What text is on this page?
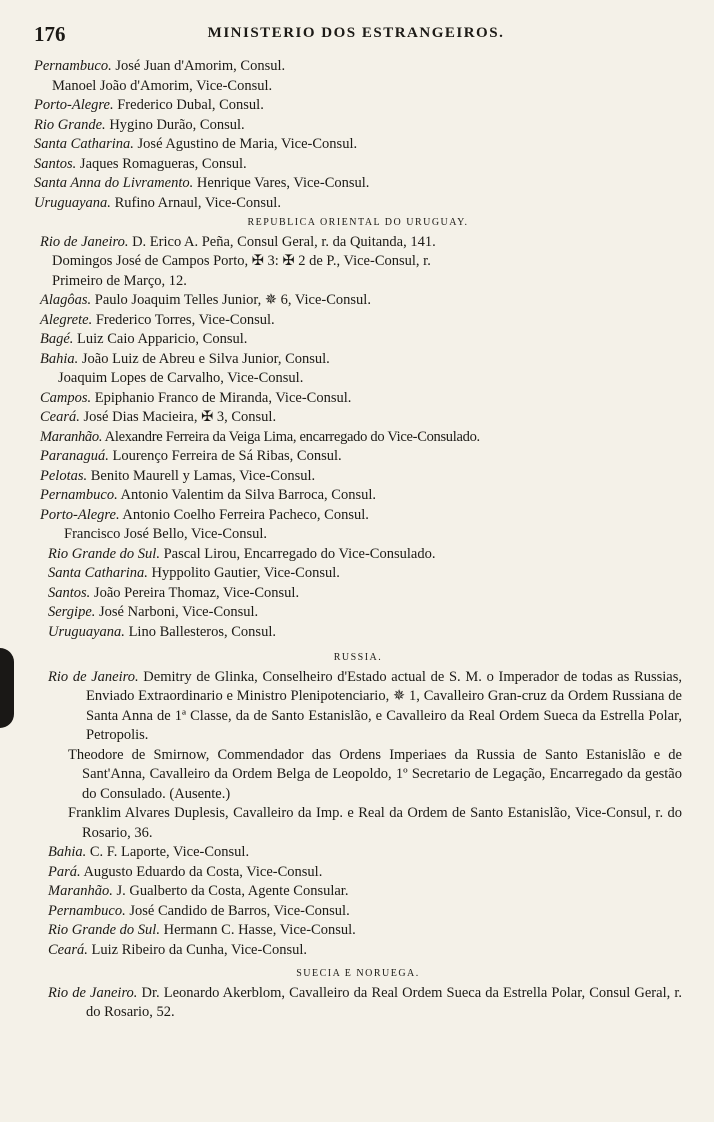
176	MINISTERIO DOS ESTRANGEIROS.
Pernambuco. José Juan d'Amorim, Consul.
Manoel João d'Amorim, Vice-Consul.
Porto-Alegre. Frederico Dubal, Consul.
Rio Grande. Hygino Durão, Consul.
Santa Catharina. José Agustino de Maria, Vice-Consul.
Santos. Jaques Romagueras, Consul.
Santa Anna do Livramento. Henrique Vares, Vice-Consul.
Uruguayana. Rufino Arnaul, Vice-Consul.
REPUBLICA ORIENTAL DO URUGUAY.
Rio de Janeiro. D. Erico A. Peña, Consul Geral, r. da Quitanda, 141.
Domingos José de Campos Porto, ✠ 3: ✠ 2 de P., Vice-Consul, r.
Primeiro de Março, 12.
Alagôas. Paulo Joaquim Telles Junior, ✵ 6, Vice-Consul.
Alegrete. Frederico Torres, Vice-Consul.
Bagé. Luiz Caio Apparicio, Consul.
Bahia. João Luiz de Abreu e Silva Junior, Consul.
Joaquim Lopes de Carvalho, Vice-Consul.
Campos. Epiphanio Franco de Miranda, Vice-Consul.
Ceará. José Dias Macieira, ✠ 3, Consul.
Maranhão. Alexandre Ferreira da Veiga Lima, encarregado do Vice-Consulado.
Paranaguá. Lourenço Ferreira de Sá Ribas, Consul.
Pelotas. Benito Maurell y Lamas, Vice-Consul.
Pernambuco. Antonio Valentim da Silva Barroca, Consul.
Porto-Alegre. Antonio Coelho Ferreira Pacheco, Consul.
Francisco José Bello, Vice-Consul.
Rio Grande do Sul. Pascal Lirou, Encarregado do Vice-Consulado.
Santa Catharina. Hyppolito Gautier, Vice-Consul.
Santos. João Pereira Thomaz, Vice-Consul.
Sergipe. José Narboni, Vice-Consul.
Uruguayana. Lino Ballesteros, Consul.
RUSSIA.
Rio de Janeiro. Demitry de Glinka, Conselheiro d'Estado actual de S. M. o Imperador de todas as Russias, Enviado Extraordinario e Ministro Plenipotenciario, ✵ 1, Cavalleiro Gran-cruz da Ordem Russiana de Santa Anna de 1ª Classe, da de Santo Estanislão, e Cavalleiro da Real Ordem Sueca da Estrella Polar, Petropolis.
Theodore de Smirnow, Commendador das Ordens Imperiaes da Russia de Santo Estanislão e de Sant'Anna, Cavalleiro da Ordem Belga de Leopoldo, 1º Secretario de Legação, Encarregado da gestão do Consulado. (Ausente.)
Franklim Alvares Duplesis, Cavalleiro da Imp. e Real da Ordem de Santo Estanislão, Vice-Consul, r. do Rosario, 36.
Bahia. C. F. Laporte, Vice-Consul.
Pará. Augusto Eduardo da Costa, Vice-Consul.
Maranhão. J. Gualberto da Costa, Agente Consular.
Pernambuco. José Candido de Barros, Vice-Consul.
Rio Grande do Sul. Hermann C. Hasse, Vice-Consul.
Ceará. Luiz Ribeiro da Cunha, Vice-Consul.
SUECIA E NORUEGA.
Rio de Janeiro. Dr. Leonardo Akerblom, Cavalleiro da Real Ordem Sueca da Estrella Polar, Consul Geral, r. do Rosario, 52.
